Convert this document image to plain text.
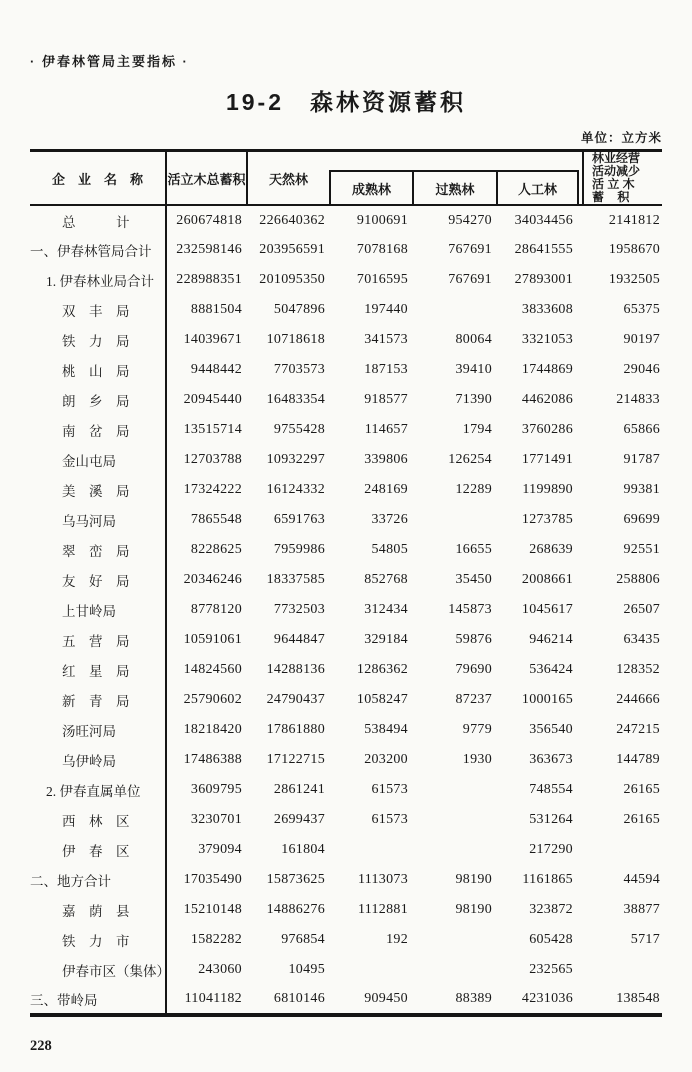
· 伊春林管局主要指标 ·
19-2　森林资源蓄积
单位：立方米
企　业　名　称	活立木总蓄积	天然林					林业经营
活动减少
活 立 木
蓄    积

			成熟林	过熟林	人工林		
总　　　计	260674818	226640362	9100691	954270	34034456		2141812
一、伊春林管局合计	232598146	203956591	7078168	767691	28641555		1958670
1. 伊春林业局合计	228988351	201095350	7016595	767691	27893001		1932505
双　丰　局	8881504	5047896	197440		3833608		65375
铁　力　局	14039671	10718618	341573	80064	3321053		90197
桃　山　局	9448442	7703573	187153	39410	1744869		29046
朗　乡　局	20945440	16483354	918577	71390	4462086		214833
南　岔　局	13515714	9755428	114657	1794	3760286		65866
金山屯局	12703788	10932297	339806	126254	1771491		91787
美　溪　局	17324222	16124332	248169	12289	1199890		99381
乌马河局	7865548	6591763	33726		1273785		69699
翠　峦　局	8228625	7959986	54805	16655	268639		92551
友　好　局	20346246	18337585	852768	35450	2008661		258806
上甘岭局	8778120	7732503	312434	145873	1045617		26507
五　营　局	10591061	9644847	329184	59876	946214		63435
红　星　局	14824560	14288136	1286362	79690	536424		128352
新　青　局	25790602	24790437	1058247	87237	1000165		244666
汤旺河局	18218420	17861880	538494	9779	356540		247215
乌伊岭局	17486388	17122715	203200	1930	363673		144789
2. 伊春直属单位	3609795	2861241	61573		748554		26165
西　林　区	3230701	2699437	61573		531264		26165
伊　春　区	379094	161804			217290		
二、地方合计	17035490	15873625	1113073	98190	1161865		44594
嘉　荫　县	15210148	14886276	1112881	98190	323872		38877
铁　力　市	1582282	976854	192		605428		5717
伊春市区（集体）	243060	10495			232565		
三、带岭局	11041182	6810146	909450	88389	4231036		138548
228
